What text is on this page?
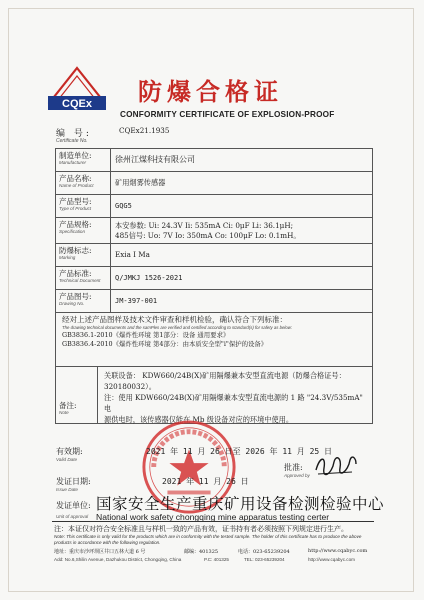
CQEx 防爆合格证
CONFORMITY CERTIFICATE OF EXPLOSION-PROOF
编 号:	CQEx21.1935
Certificate No.
制造单位:
Manufacturer	徐州江煤科技有限公司
产品名称:
Name of Product	矿用烟雾传感器
产品型号:
Type of Product	GQG5
产品规格:
Specification
本安参数: Ui: 24.3V Ii: 535mA Ci: 0μF Li: 36.1μH;
485信号: Uo: 7V Io: 350mA Co: 100μF Lo: 0.1mH。
防爆标志:
Marking	Exia I Ma
产品标准:
Technical Document	Q/JMKJ 1526-2021
产品图号:
Drawing No.	JM-397-001
经对上述产品图样及技术文件审查和样机检验，确认符合下列标准：
The drawing technical documents and the samPles are verified and certified according to standard(s) for safety as below:
GB3836.1-2010《爆炸性环境 第1部分：设备 通用要求》
GB3836.4-2010《爆炸性环境 第4部分：由本质安全型"i"保护的设备》
备注:
Note

关联设备： KDW660/24B(X)矿用隔爆兼本安型直流电源（防爆合格证号：

320180032）。

注：使用 KDW660/24B(X)矿用隔爆兼本安型直流电源的 1 路 "24.3V/535mA" 电

源供电时，该传感器仅能在 Mb 级设备对应的环境中使用。

有效期:
Valid Date
2021 年 11 月 26 日至 2026 年 11 月 25 日
发证日期:
Issue Date
2021 年 11 月 26 日
批准:
Approved by
发证单位: 国家安全生产重庆矿用设备检测检验中心
Unit of approval National work safety chongqing mine apparatus testing certer
注：本证仅对符合安全标准且与样机一致的产品有效，证书持有者必须按照下列规定进行生产。
Note: This certificate is only valid for the products which are in conformity with the tested sample. The holder of this certificate has to produce the above products in accordance with the following regulation.
地址：重庆市沙坪坝区井口五林大道 6 号	邮编：401325	电话：023-65239204	http://www.cqabyc.com
Add: No.6,Shilin Avenue, Dazhukou District, Chongqing, China	P.C: 401325	TEL: 023-65239204	http://www.cqabyc.com
